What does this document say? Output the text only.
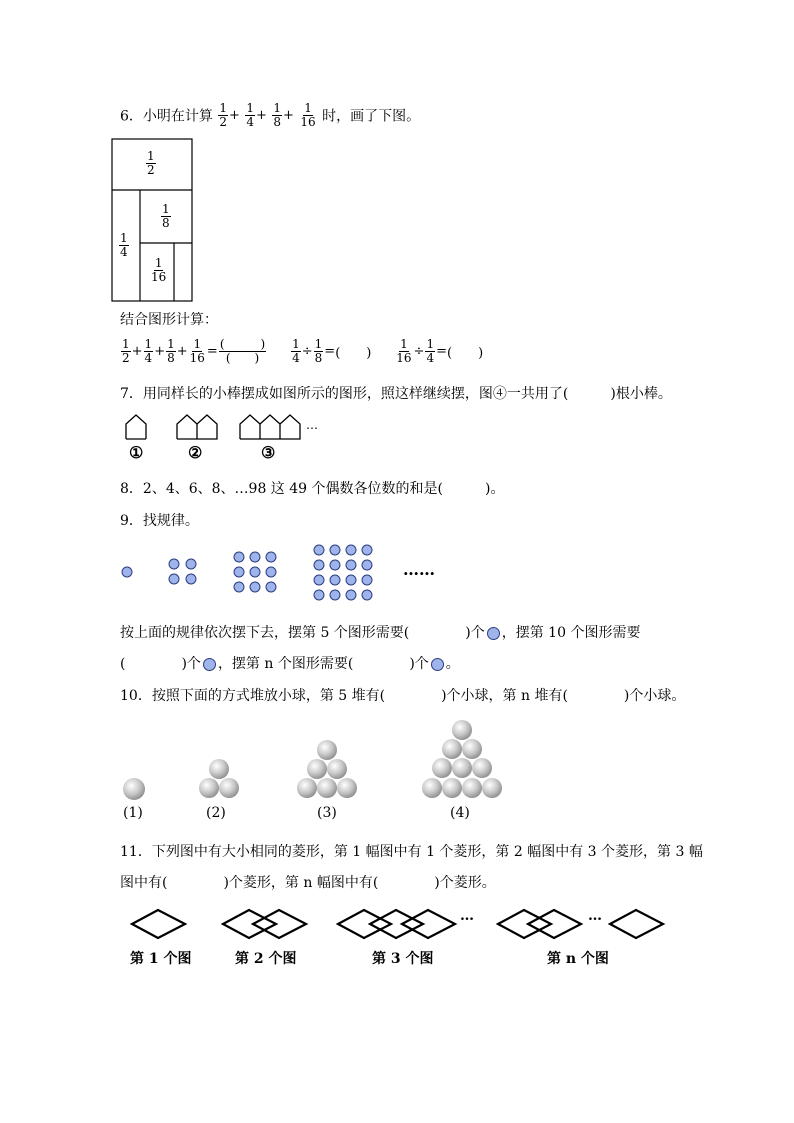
6．小明在计算 $\frac{1}{2} + \frac{1}{4} + \frac{1}{8} + \frac{1}{16}$ 时，画了下图。
$\frac{1}{2}$
$\frac{1}{4}$
$\frac{1}{8}$
$\frac{1}{16}$
结合图形计算：
$\frac{1}{2} + \frac{1}{4} + \frac{1}{8} + \frac{1}{16} = \frac{( )}{( )}$
$\frac{1}{4} \div \frac{1}{8}$ =(　　) $\frac{1}{16} \div \frac{1}{4}$ =(　　)
7．用同样长的小棒摆成如图所示的图形，照这样继续摆，图④一共用了(　　　)根小棒。
…
①	②	③
8．2、4、6、8、…98 这 49 个偶数各位数的和是(　　　)。
9．找规律。
……
按上面的规律依次摆下去，摆第 5 个图形需要(　　　　)个 ，摆第 10 个图形需要
(　　　　)个 ，摆第 n 个图形需要(　　　　)个 。
10．按照下面的方式堆放小球，第 5 堆有(　　　　)个小球，第 n 堆有(　　　　)个小球。
(1)	(2)	(3)	(4)
11．下列图中有大小相同的菱形，第 1 幅图中有 1 个菱形，第 2 幅图中有 3 个菱形，第 3 幅
图中有(　　　　)个菱形，第 n 幅图中有(　　　　)个菱形。
…	…
第 1 个图	第 2 个图	第 3 个图	第 n 个图
